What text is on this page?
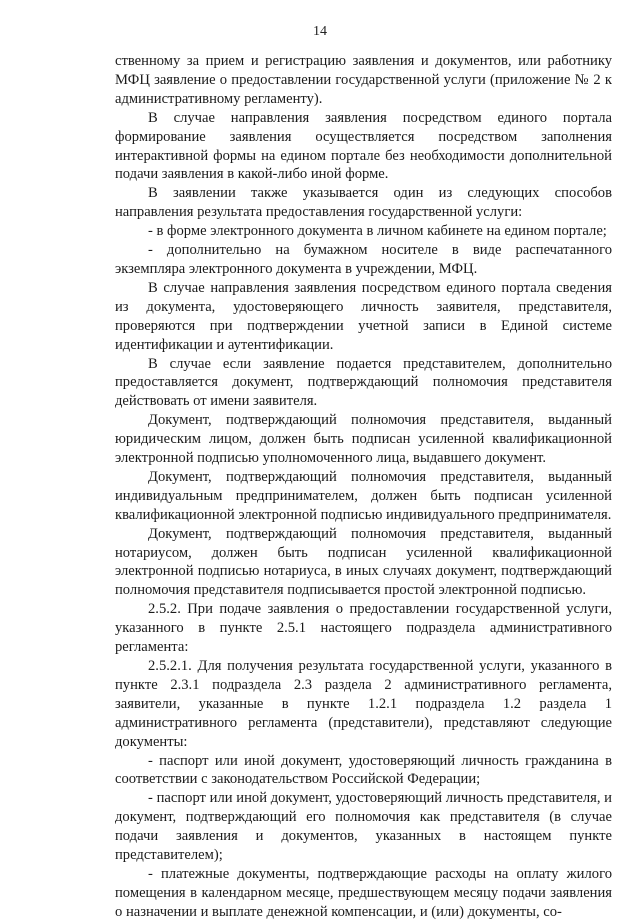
14

ственному за прием и регистрацию заявления и документов, или работнику МФЦ заявление о предоставлении государственной услуги (приложение № 2 к административному регламенту).

В случае направления заявления посредством единого портала формирование заявления осуществляется посредством заполнения интерактивной формы на едином портале без необходимости дополнительной подачи заявления в какой-либо иной форме.

В заявлении также указывается один из следующих способов направления результата предоставления государственной услуги:

- в форме электронного документа в личном кабинете на едином портале;

- дополнительно на бумажном носителе в виде распечатанного экземпляра электронного документа в учреждении, МФЦ.

В случае направления заявления посредством единого портала сведения из документа, удостоверяющего личность заявителя, представителя, проверяются при подтверждении учетной записи в Единой системе идентификации и аутентификации.

В случае если заявление подается представителем, дополнительно предоставляется документ, подтверждающий полномочия представителя действовать от имени заявителя.

Документ, подтверждающий полномочия представителя, выданный юридическим лицом, должен быть подписан усиленной квалификационной электронной подписью уполномоченного лица, выдавшего документ.

Документ, подтверждающий полномочия представителя, выданный индивидуальным предпринимателем, должен быть подписан усиленной квалификационной электронной подписью индивидуального предпринимателя.

Документ, подтверждающий полномочия представителя, выданный нотариусом, должен быть подписан усиленной квалификационной электронной подписью нотариуса, в иных случаях документ, подтверждающий полномочия представителя подписывается простой электронной подписью.

2.5.2. При подаче заявления о предоставлении государственной услуги, указанного в пункте 2.5.1 настоящего подраздела административного регламента:

2.5.2.1. Для получения результата государственной услуги, указанного в пункте 2.3.1 подраздела 2.3 раздела 2 административного регламента, заявители, указанные в пункте 1.2.1 подраздела 1.2 раздела 1 административного регламента (представители), представляют следующие документы:

- паспорт или иной документ, удостоверяющий личность гражданина в соответствии с законодательством Российской Федерации;

- паспорт или иной документ, удостоверяющий личность представителя, и документ, подтверждающий его полномочия как представителя (в случае подачи заявления и документов, указанных в настоящем пункте представителем);

- платежные документы, подтверждающие расходы на оплату жилого помещения в календарном месяце, предшествующем месяцу подачи заявления о назначении и выплате денежной компенсации, и (или) документы, со-
